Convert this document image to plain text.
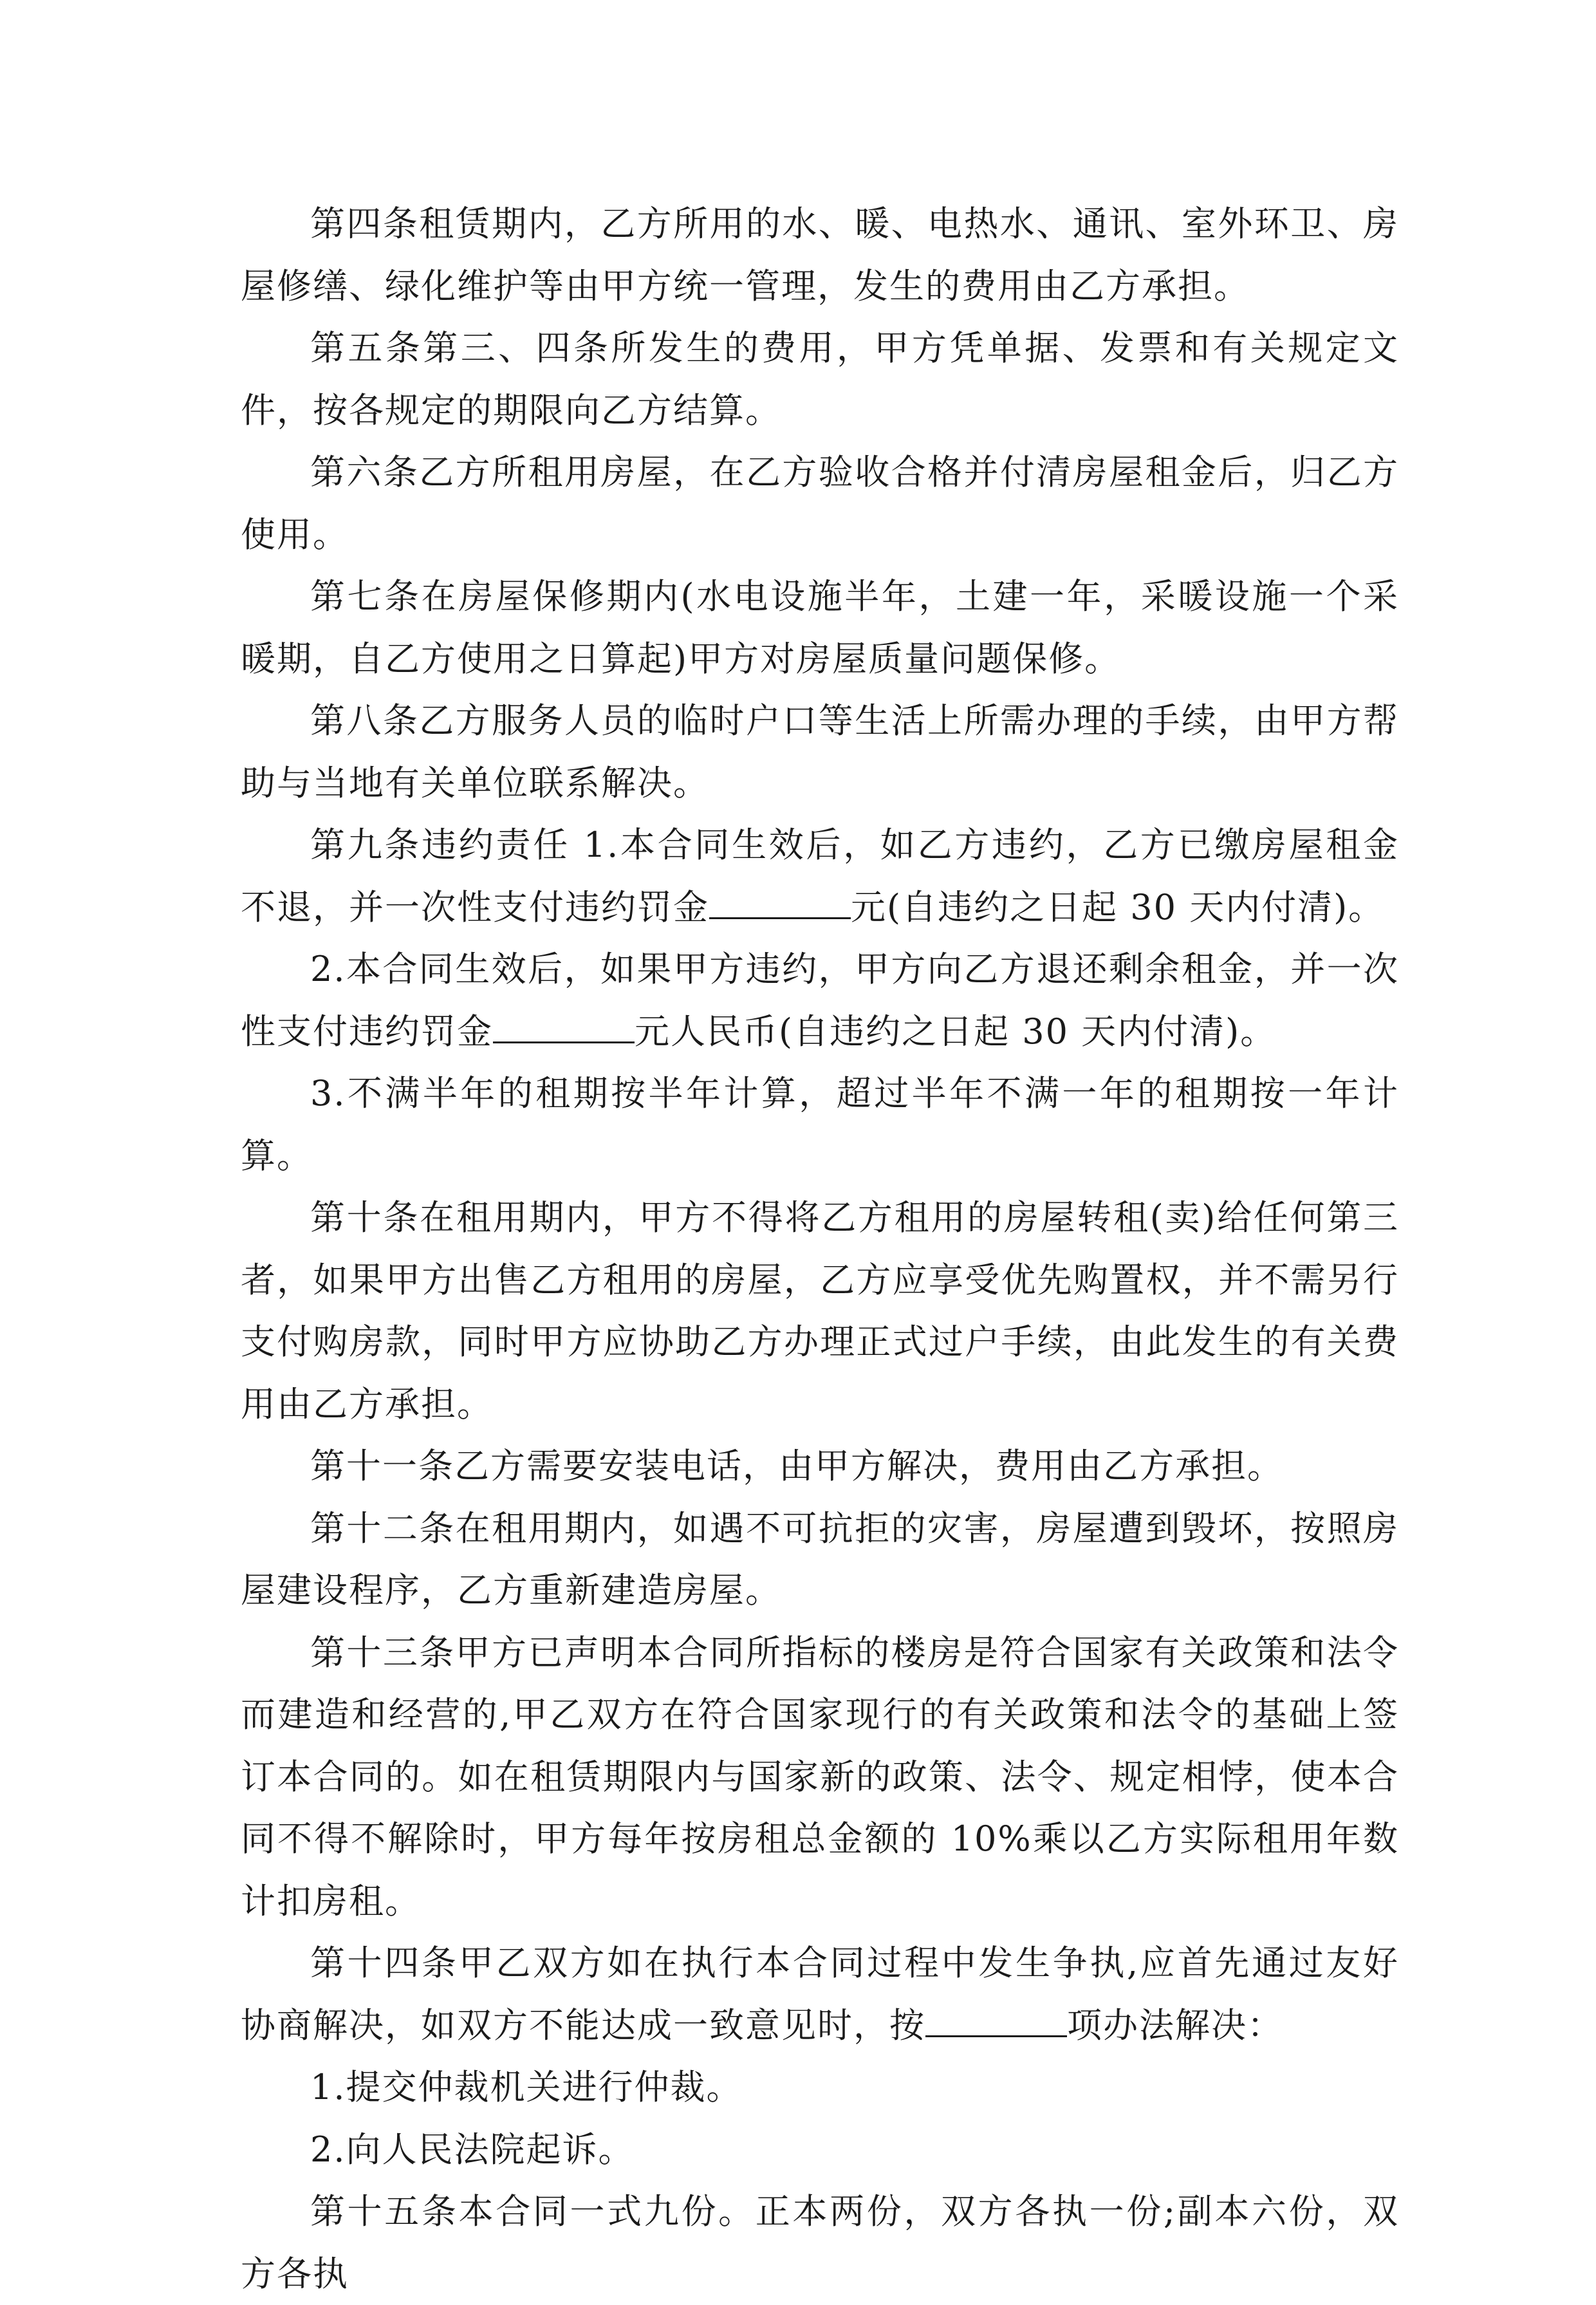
第四条租赁期内，乙方所用的水、暖、电热水、通讯、室外环卫、房屋修缮、绿化维护等由甲方统一管理，发生的费用由乙方承担。

第五条第三、四条所发生的费用，甲方凭单据、发票和有关规定文件，按各规定的期限向乙方结算。

第六条乙方所租用房屋，在乙方验收合格并付清房屋租金后，归乙方使用。

第七条在房屋保修期内(水电设施半年，土建一年，采暖设施一个采暖期，自乙方使用之日算起)甲方对房屋质量问题保修。

第八条乙方服务人员的临时户口等生活上所需办理的手续，由甲方帮助与当地有关单位联系解决。

第九条违约责任 1.本合同生效后，如乙方违约，乙方已缴房屋租金不退，并一次性支付违约罚金	元(自违约之日起 30 天内付清)。

2.本合同生效后，如果甲方违约，甲方向乙方退还剩余租金，并一次性支付违约罚金	元人民币(自违约之日起 30 天内付清)。

3.不满半年的租期按半年计算，超过半年不满一年的租期按一年计算。

第十条在租用期内，甲方不得将乙方租用的房屋转租(卖)给任何第三者，如果甲方出售乙方租用的房屋，乙方应享受优先购置权，并不需另行支付购房款，同时甲方应协助乙方办理正式过户手续，由此发生的有关费用由乙方承担。

第十一条乙方需要安装电话，由甲方解决，费用由乙方承担。

第十二条在租用期内，如遇不可抗拒的灾害，房屋遭到毁坏，按照房屋建设程序，乙方重新建造房屋。

第十三条甲方已声明本合同所指标的楼房是符合国家有关政策和法令而建造和经营的,甲乙双方在符合国家现行的有关政策和法令的基础上签订本合同的。如在租赁期限内与国家新的政策、法令、规定相悖，使本合同不得不解除时，甲方每年按房租总金额的 10%乘以乙方实际租用年数计扣房租。

第十四条甲乙双方如在执行本合同过程中发生争执,应首先通过友好协商解决，如双方不能达成一致意见时，按	项办法解决：

1.提交仲裁机关进行仲裁。

2.向人民法院起诉。

第十五条本合同一式九份。正本两份，双方各执一份;副本六份，双方各执
